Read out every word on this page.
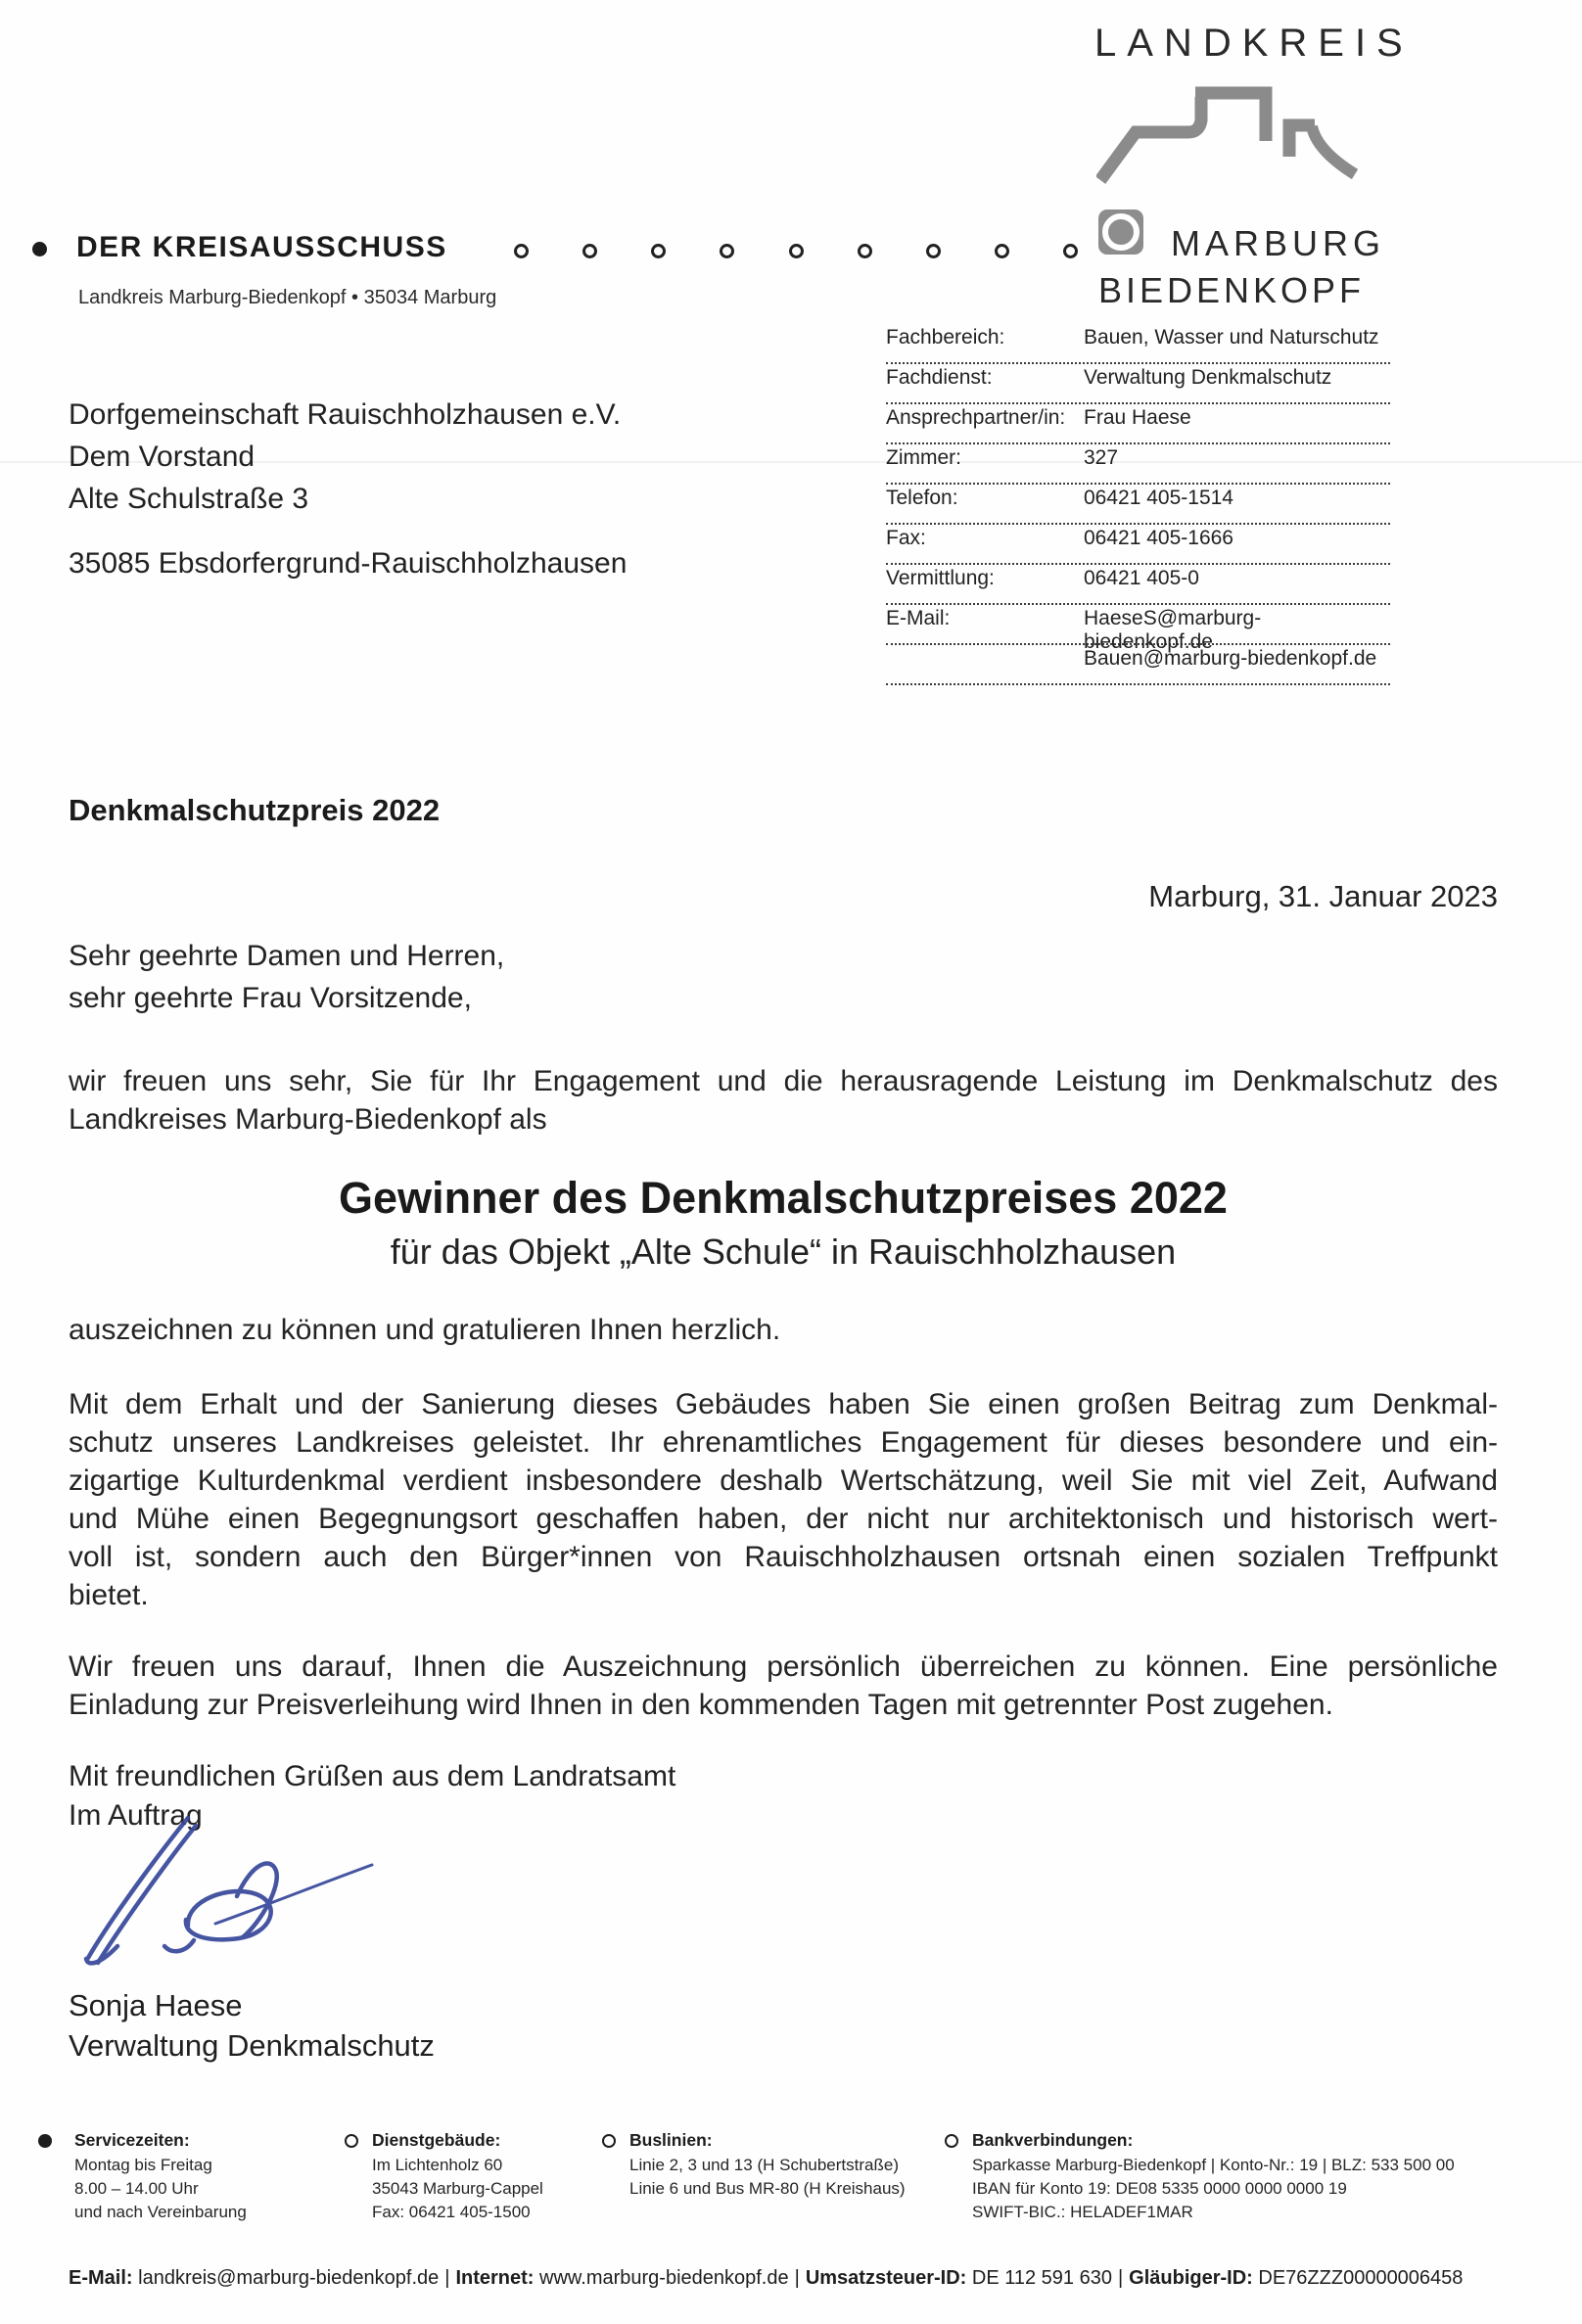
LANDKREIS
MARBURG
BIEDENKOPF
DER KREISAUSSCHUSS
Landkreis Marburg-Biedenkopf • 35034 Marburg
Dorfgemeinschaft Rauischholzhausen e.V.
Dem Vorstand
Alte Schulstraße 3
35085 Ebsdorfergrund-Rauischholzhausen
Fachbereich:	Bauen, Wasser und Naturschutz
Fachdienst:	Verwaltung Denkmalschutz
Ansprechpartner/in: Frau Haese
Zimmer:	327
Telefon:	06421 405-1514
Fax:	06421 405-1666
Vermittlung:	06421 405-0
E-Mail:	HaeseS@marburg-biedenkopf.de
Bauen@marburg-biedenkopf.de
Denkmalschutzpreis 2022
Marburg, 31. Januar 2023
Sehr geehrte Damen und Herren,
sehr geehrte Frau Vorsitzende,
wir freuen uns sehr, Sie für Ihr Engagement und die herausragende Leistung im Denkmalschutz des
Landkreises Marburg-Biedenkopf als
Gewinner des Denkmalschutzpreises 2022
für das Objekt „Alte Schule“ in Rauischholzhausen
auszeichnen zu können und gratulieren Ihnen herzlich.
Mit dem Erhalt und der Sanierung dieses Gebäudes haben Sie einen großen Beitrag zum Denkmal-
schutz unseres Landkreises geleistet. Ihr ehrenamtliches Engagement für dieses besondere und ein-
zigartige Kulturdenkmal verdient insbesondere deshalb Wertschätzung, weil Sie mit viel Zeit, Aufwand
und Mühe einen Begegnungsort geschaffen haben, der nicht nur architektonisch und historisch wert-
voll ist, sondern auch den Bürger*innen von Rauischholzhausen ortsnah einen sozialen Treffpunkt
bietet.
Wir freuen uns darauf, Ihnen die Auszeichnung persönlich überreichen zu können. Eine persönliche
Einladung zur Preisverleihung wird Ihnen in den kommenden Tagen mit getrennter Post zugehen.
Mit freundlichen Grüßen aus dem Landratsamt
Im Auftrag
Sonja Haese
Verwaltung Denkmalschutz
Servicezeiten:
Montag bis Freitag
8.00 – 14.00 Uhr
und nach Vereinbarung
Dienstgebäude:
Im Lichtenholz 60
35043 Marburg-Cappel
Fax: 06421 405-1500
Buslinien:
Linie 2, 3 und 13 (H Schubertstraße)
Linie 6 und Bus MR-80 (H Kreishaus)
Bankverbindungen:
Sparkasse Marburg-Biedenkopf | Konto-Nr.: 19 | BLZ: 533 500 00
IBAN für Konto 19: DE08 5335 0000 0000 0000 19
SWIFT-BIC.: HELADEF1MAR
E-Mail: landkreis@marburg-biedenkopf.de | Internet: www.marburg-biedenkopf.de | Umsatzsteuer-ID: DE 112 591 630 | Gläubiger-ID: DE76ZZZ00000006458
